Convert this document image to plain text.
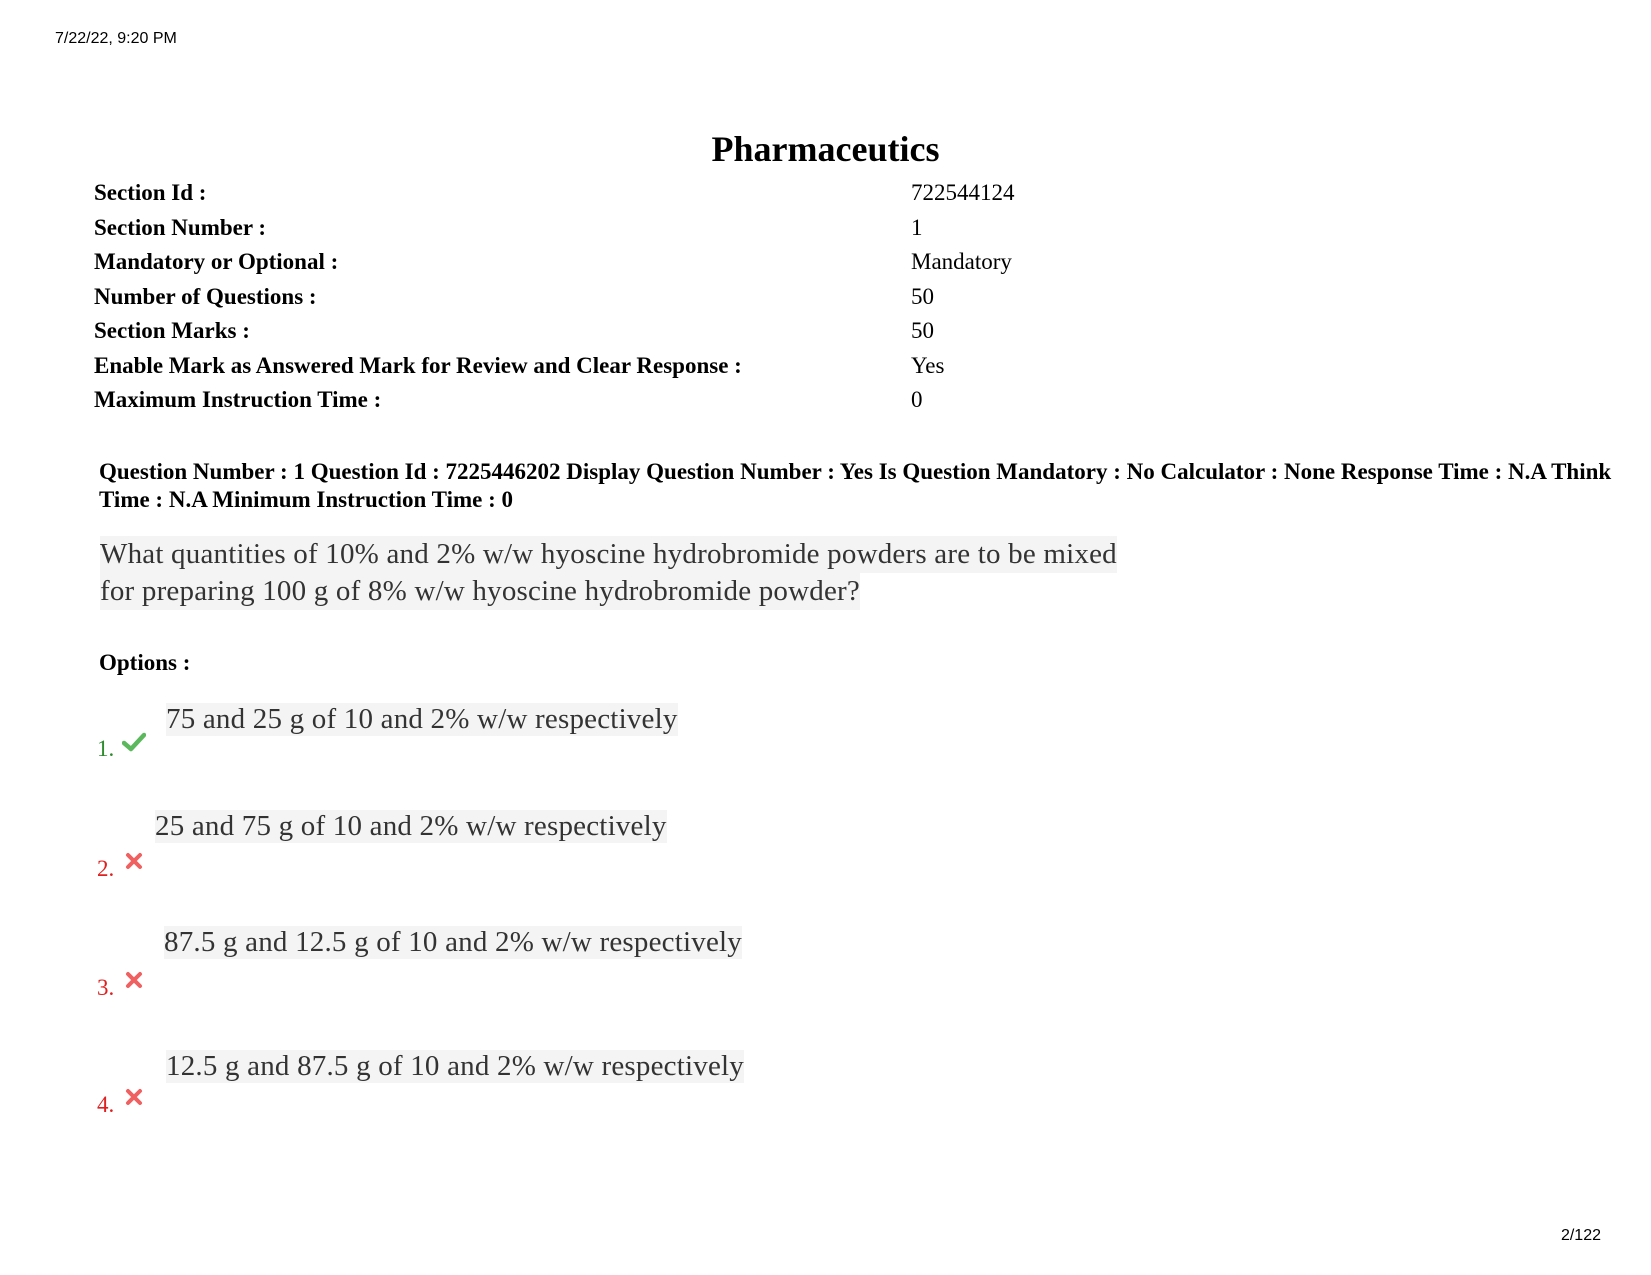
7/22/22, 9:20 PM
Pharmaceutics
Section Id :	722544124
Section Number :	1
Mandatory or Optional :	Mandatory
Number of Questions :	50
Section Marks :	50
Enable Mark as Answered Mark for Review and Clear Response :	Yes
Maximum Instruction Time :	0
Question Number : 1 Question Id : 7225446202 Display Question Number : Yes Is Question Mandatory : No Calculator : None Response Time : N.A Think Time : N.A Minimum Instruction Time : 0
What quantities of 10% and 2% w/w hyoscine hydrobromide powders are to be mixed
for preparing 100 g of 8% w/w hyoscine hydrobromide powder?
Options :
1.
75 and 25 g of 10 and 2% w/w respectively
2.
25 and 75 g of 10 and 2% w/w respectively
3.
87.5 g and 12.5 g of 10 and 2% w/w respectively
4.
12.5 g and 87.5 g of 10 and 2% w/w respectively
2/122
